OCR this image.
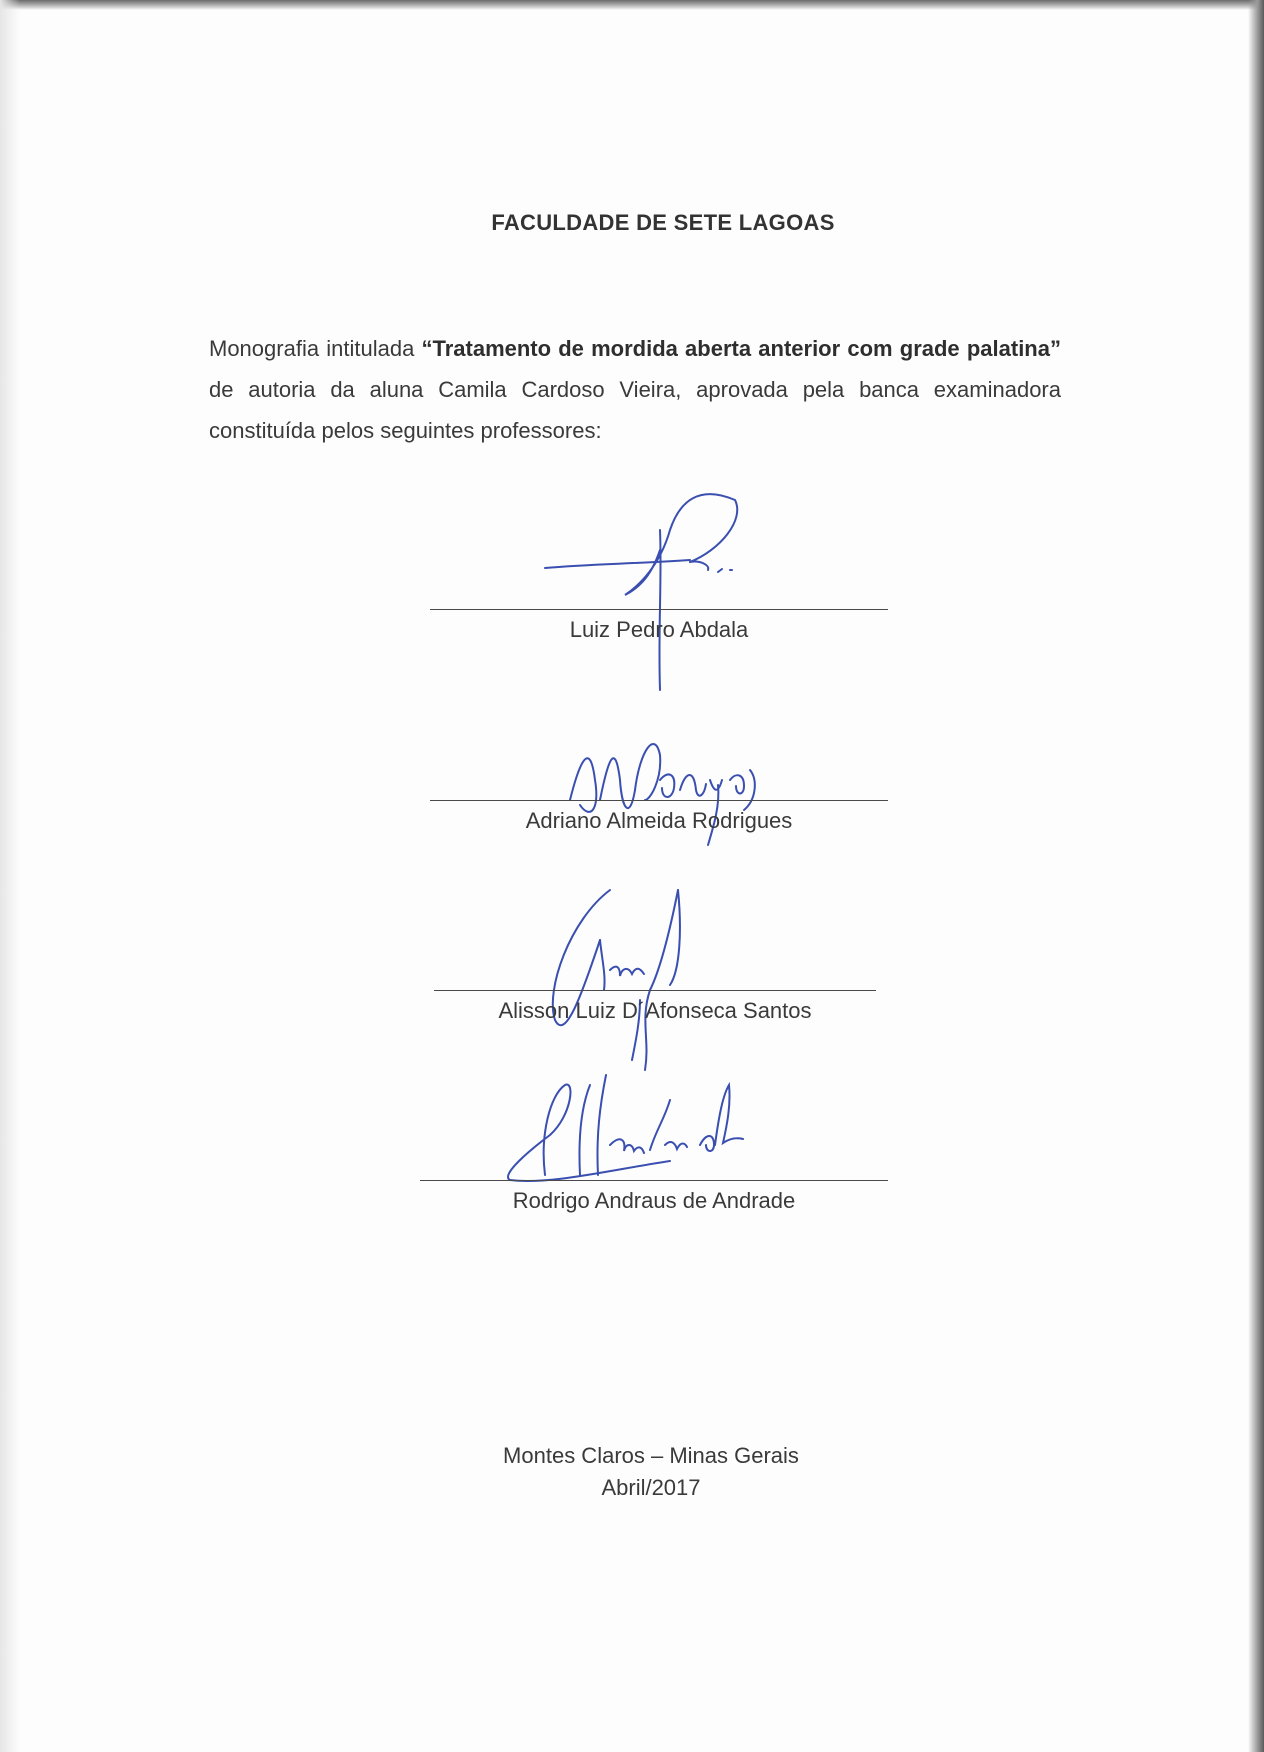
FACULDADE DE SETE LAGOAS

Monografia intitulada “Tratamento de mordida aberta anterior com grade palatina” de autoria da aluna Camila Cardoso Vieira, aprovada pela banca examinadora constituída pelos seguintes professores:

Luiz Pedro Abdala
Adriano Almeida Rodrigues
Alisson Luiz D´Afonseca Santos
Rodrigo Andraus de Andrade
Montes Claros – Minas Gerais
Abril/2017
